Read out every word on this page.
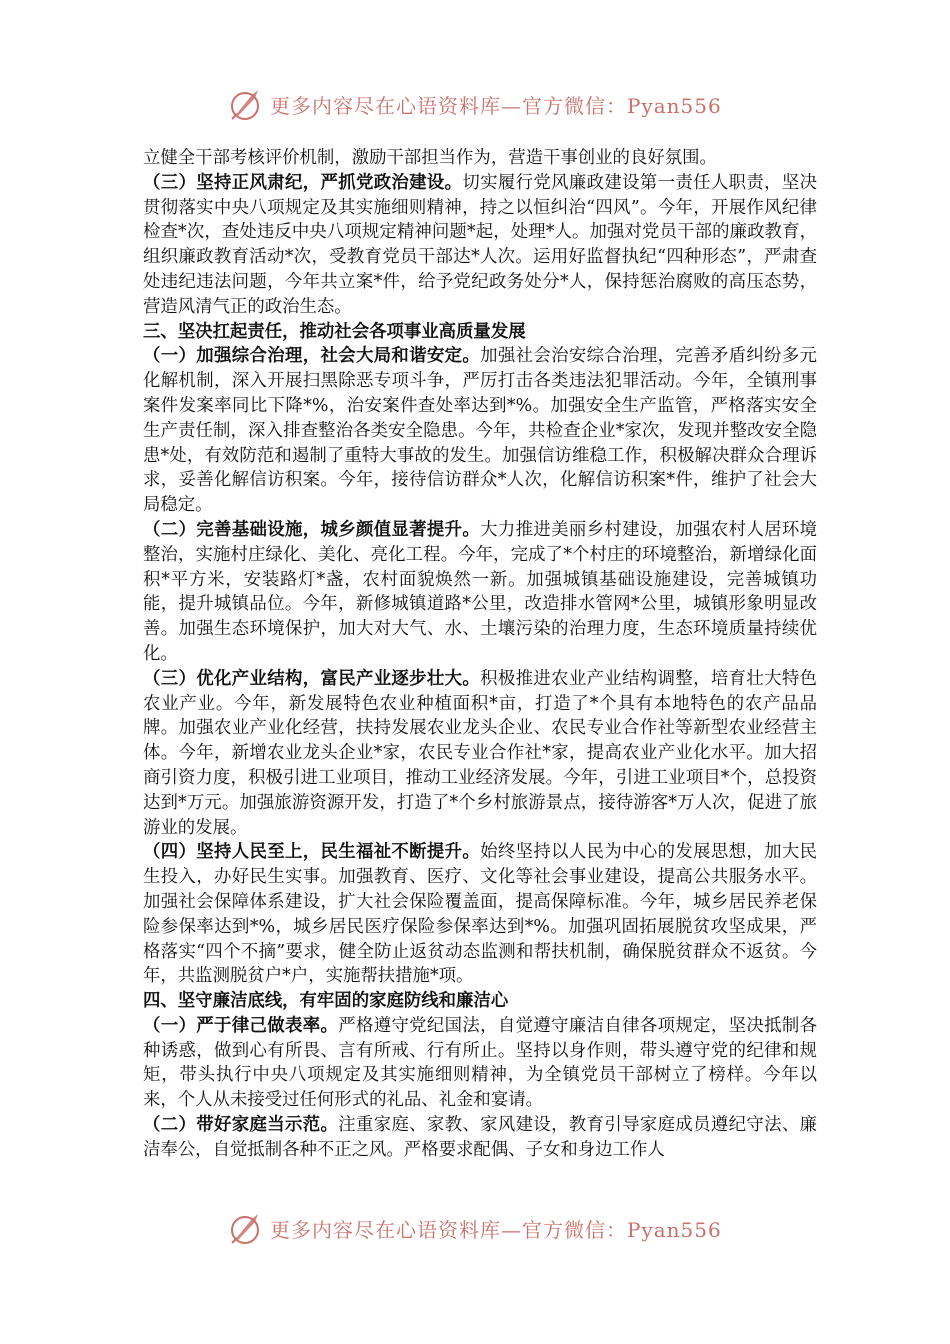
更多内容尽在心语资料库—官方微信：Pyan556

立健全干部考核评价机制，激励干部担当作为，营造干事创业的良好氛围。

（三）坚持正风肃纪，严抓党政治建设。切实履行党风廉政建设第一责任人职责，坚决贯彻落实中央八项规定及其实施细则精神，持之以恒纠治“四风”。今年，开展作风纪律检查*次，查处违反中央八项规定精神问题*起，处理*人。加强对党员干部的廉政教育，组织廉政教育活动*次，受教育党员干部达*人次。运用好监督执纪“四种形态”，严肃查处违纪违法问题，今年共立案*件，给予党纪政务处分*人，保持惩治腐败的高压态势，营造风清气正的政治生态。

三、坚决扛起责任，推动社会各项事业高质量发展

（一）加强综合治理，社会大局和谐安定。加强社会治安综合治理，完善矛盾纠纷多元化解机制，深入开展扫黑除恶专项斗争，严厉打击各类违法犯罪活动。今年，全镇刑事案件发案率同比下降*%，治安案件查处率达到*%。加强安全生产监管，严格落实安全生产责任制，深入排查整治各类安全隐患。今年，共检查企业*家次，发现并整改安全隐患*处，有效防范和遏制了重特大事故的发生。加强信访维稳工作，积极解决群众合理诉求，妥善化解信访积案。今年，接待信访群众*人次，化解信访积案*件，维护了社会大局稳定。

（二）完善基础设施，城乡颜值显著提升。大力推进美丽乡村建设，加强农村人居环境整治，实施村庄绿化、美化、亮化工程。今年，完成了*个村庄的环境整治，新增绿化面积*平方米，安装路灯*盏，农村面貌焕然一新。加强城镇基础设施建设，完善城镇功能，提升城镇品位。今年，新修城镇道路*公里，改造排水管网*公里，城镇形象明显改善。加强生态环境保护，加大对大气、水、土壤污染的治理力度，生态环境质量持续优化。

（三）优化产业结构，富民产业逐步壮大。积极推进农业产业结构调整，培育壮大特色农业产业。今年，新发展特色农业种植面积*亩，打造了*个具有本地特色的农产品品牌。加强农业产业化经营，扶持发展农业龙头企业、农民专业合作社等新型农业经营主体。今年，新增农业龙头企业*家，农民专业合作社*家，提高农业产业化水平。加大招商引资力度，积极引进工业项目，推动工业经济发展。今年，引进工业项目*个，总投资达到*万元。加强旅游资源开发，打造了*个乡村旅游景点，接待游客*万人次，促进了旅游业的发展。

（四）坚持人民至上，民生福祉不断提升。始终坚持以人民为中心的发展思想，加大民生投入，办好民生实事。加强教育、医疗、文化等社会事业建设，提高公共服务水平。加强社会保障体系建设，扩大社会保险覆盖面，提高保障标准。今年，城乡居民养老保险参保率达到*%，城乡居民医疗保险参保率达到*%。加强巩固拓展脱贫攻坚成果，严格落实“四个不摘”要求，健全防止返贫动态监测和帮扶机制，确保脱贫群众不返贫。今年，共监测脱贫户*户，实施帮扶措施*项。

四、坚守廉洁底线，有牢固的家庭防线和廉洁心

（一）严于律己做表率。严格遵守党纪国法，自觉遵守廉洁自律各项规定，坚决抵制各种诱惑，做到心有所畏、言有所戒、行有所止。坚持以身作则，带头遵守党的纪律和规矩，带头执行中央八项规定及其实施细则精神，为全镇党员干部树立了榜样。今年以来，个人从未接受过任何形式的礼品、礼金和宴请。

（二）带好家庭当示范。注重家庭、家教、家风建设，教育引导家庭成员遵纪守法、廉洁奉公，自觉抵制各种不正之风。严格要求配偶、子女和身边工作人

更多内容尽在心语资料库—官方微信：Pyan556
